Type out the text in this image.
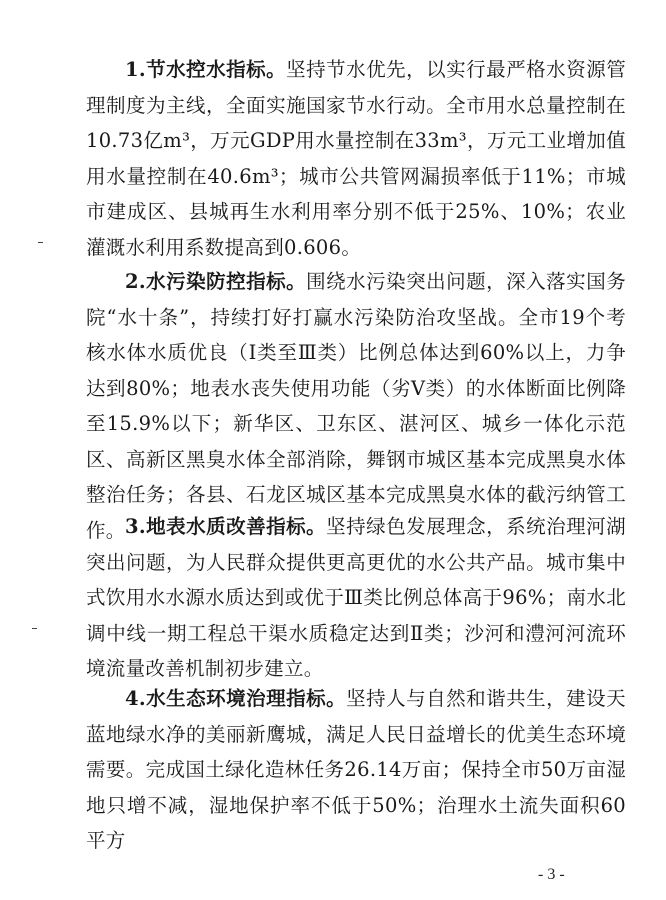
1.节水控水指标。坚持节水优先，以实行最严格水资源管理制度为主线，全面实施国家节水行动。全市用水总量控制在10.73亿m³，万元GDP用水量控制在33m³，万元工业增加值用水量控制在40.6m³；城市公共管网漏损率低于11%；市城市建成区、县城再生水利用率分别不低于25%、10%；农业灌溉水利用系数提高到0.606。

2.水污染防控指标。围绕水污染突出问题，深入落实国务院“水十条”，持续打好打赢水污染防治攻坚战。全市19个考核水体水质优良（Ⅰ类至Ⅲ类）比例总体达到60%以上，力争达到80%；地表水丧失使用功能（劣Ⅴ类）的水体断面比例降至15.9%以下；新华区、卫东区、湛河区、城乡一体化示范区、高新区黑臭水体全部消除，舞钢市城区基本完成黑臭水体整治任务；各县、石龙区城区基本完成黑臭水体的截污纳管工作。 3.地表水质改善指标。坚持绿色发展理念，系统治理河湖突出问题，为人民群众提供更高更优的水公共产品。城市集中式饮用水水源水质达到或优于Ⅲ类比例总体高于96%；南水北调中线一期工程总干渠水质稳定达到Ⅱ类；沙河和澧河河流环境流量改善机制初步建立。

4.水生态环境治理指标。坚持人与自然和谐共生，建设天蓝地绿水净的美丽新鹰城，满足人民日益增长的优美生态环境需要。完成国土绿化造林任务26.14万亩；保持全市50万亩湿地只增不减，湿地保护率不低于50%；治理水土流失面积60平方

- 3 -
